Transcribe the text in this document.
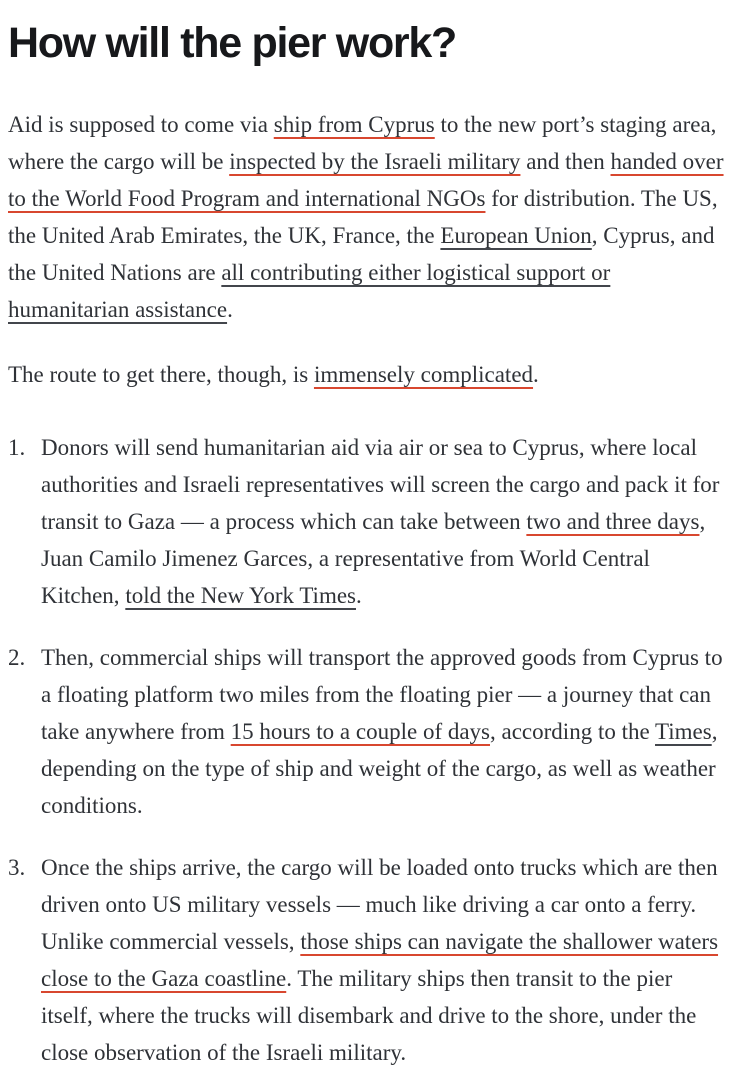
How will the pier work?

Aid is supposed to come via ship from Cyprus to the new port’s staging area, where the cargo will be inspected by the Israeli military and then handed over to the World Food Program and international NGOs for distribution. The US, the United Arab Emirates, the UK, France, the European Union, Cyprus, and the United Nations are all contributing either logistical support or humanitarian assistance.

The route to get there, though, is immensely complicated.

1. Donors will send humanitarian aid via air or sea to Cyprus, where local authorities and Israeli representatives will screen the cargo and pack it for transit to Gaza — a process which can take between two and three days, Juan Camilo Jimenez Garces, a representative from World Central Kitchen, told the New York Times.
2. Then, commercial ships will transport the approved goods from Cyprus to a floating platform two miles from the floating pier — a journey that can take anywhere from 15 hours to a couple of days, according to the Times, depending on the type of ship and weight of the cargo, as well as weather conditions.
3. Once the ships arrive, the cargo will be loaded onto trucks which are then driven onto US military vessels — much like driving a car onto a ferry. Unlike commercial vessels, those ships can navigate the shallower waters close to the Gaza coastline. The military ships then transit to the pier itself, where the trucks will disembark and drive to the shore, under the close observation of the Israeli military.
